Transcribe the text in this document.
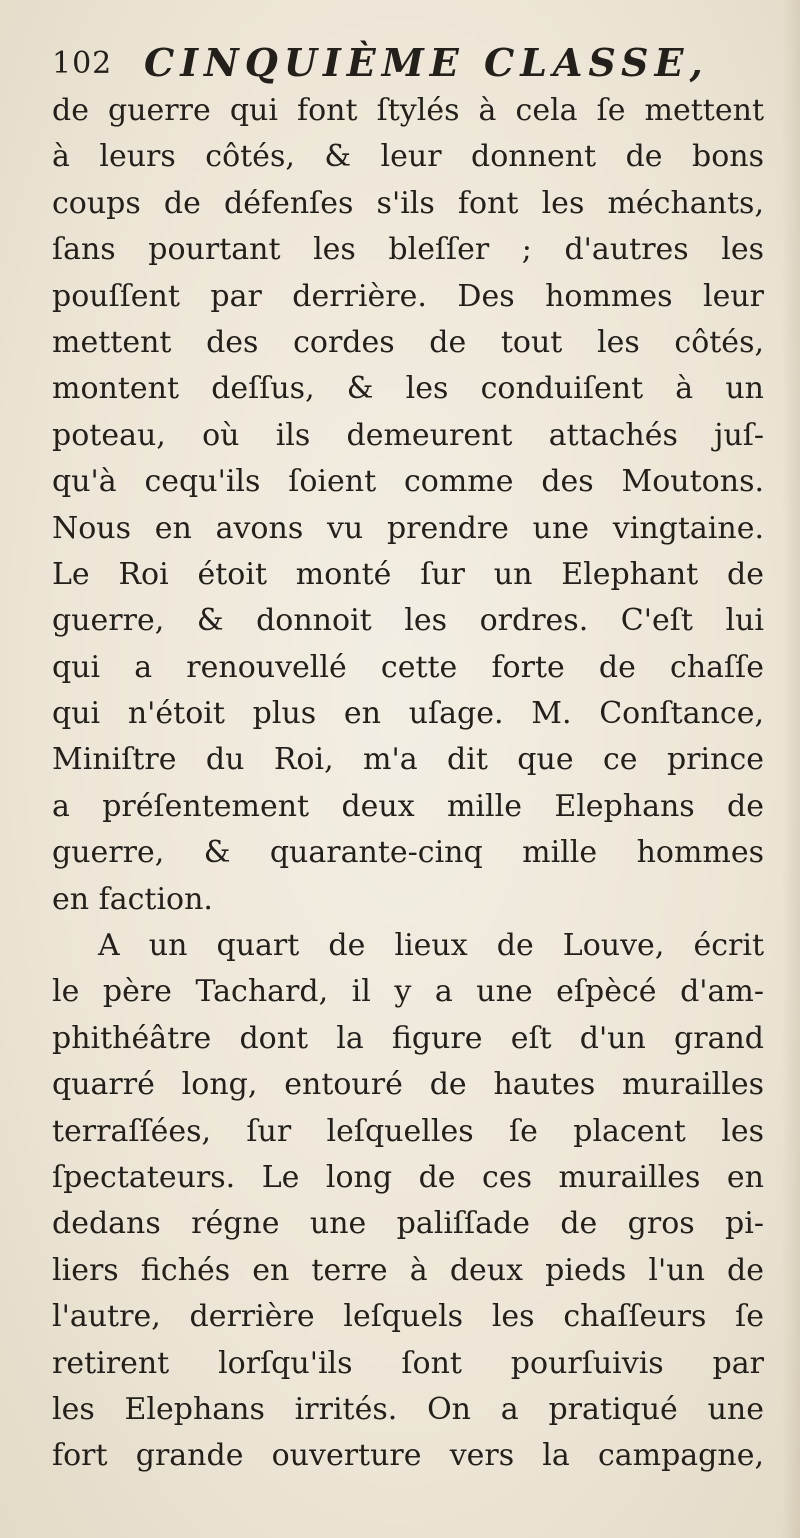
102 CINQUIÈME CLASSE,
de guerre qui font ſtylés à cela ſe mettent
à leurs côtés, & leur donnent de bons
coups de défenſes s'ils font les méchants,
ſans pourtant les bleſſer ; d'autres les
pouſſent par derrière. Des hommes leur
mettent des cordes de tout les côtés,
montent deſſus, & les conduiſent à un
poteau, où ils demeurent attachés juſ-
qu'à cequ'ils ſoient comme des Moutons.
Nous en avons vu prendre une vingtaine.
Le Roi étoit monté ſur un Elephant de
guerre, & donnoit les ordres. C'eſt lui
qui a renouvellé cette forte de chaſſe
qui n'étoit plus en uſage. M. Conſtance,
Miniſtre du Roi, m'a dit que ce prince
a préſentement deux mille Elephans de
guerre, & quarante-cinq mille hommes
en faction.
A un quart de lieux de Louve, écrit
le père Tachard, il y a une eſpècé d'am-
phithéâtre dont la figure eſt d'un grand
quarré long, entouré de hautes murailles
terraſſées, ſur leſquelles ſe placent les
ſpectateurs. Le long de ces murailles en
dedans régne une paliſſade de gros pi-
liers fichés en terre à deux pieds l'un de
l'autre, derrière leſquels les chaſſeurs ſe
retirent lorſqu'ils ſont pourſuivis par
les Elephans irrités. On a pratiqué une
fort grande ouverture vers la campagne,
